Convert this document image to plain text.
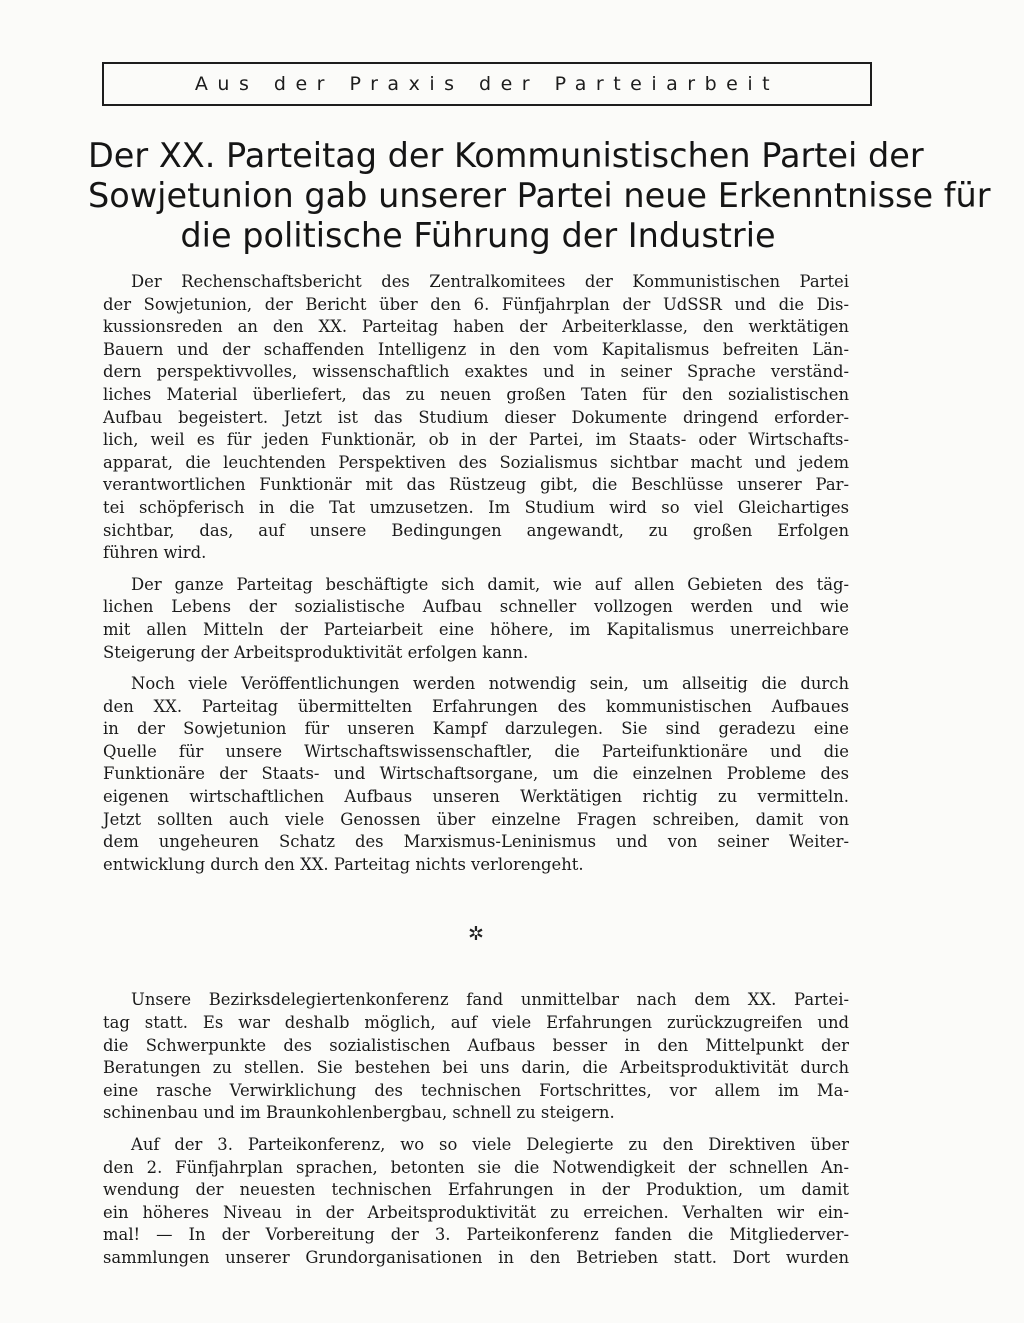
Aus der Praxis der Parteiarbeit
Der XX. Parteitag der Kommunistischen Partei der
Sowjetunion gab unserer Partei neue Erkenntnisse für
die politische Führung der Industrie
Der Rechenschaftsbericht des Zentralkomitees der Kommunistischen Partei
der Sowjetunion, der Bericht über den 6. Fünfjahrplan der UdSSR und die Dis-
kussionsreden an den XX. Parteitag haben der Arbeiterklasse, den werktätigen
Bauern und der schaffenden Intelligenz in den vom Kapitalismus befreiten Län-
dern perspektivvolles, wissenschaftlich exaktes und in seiner Sprache verständ-
liches Material überliefert, das zu neuen großen Taten für den sozialistischen
Aufbau begeistert. Jetzt ist das Studium dieser Dokumente dringend erforder-
lich, weil es für jeden Funktionär, ob in der Partei, im Staats- oder Wirtschafts-
apparat, die leuchtenden Perspektiven des Sozialismus sichtbar macht und jedem
verantwortlichen Funktionär mit das Rüstzeug gibt, die Beschlüsse unserer Par-
tei schöpferisch in die Tat umzusetzen. Im Studium wird so viel Gleichartiges
sichtbar, das, auf unsere Bedingungen angewandt, zu großen Erfolgen
führen wird.
Der ganze Parteitag beschäftigte sich damit, wie auf allen Gebieten des täg-
lichen Lebens der sozialistische Aufbau schneller vollzogen werden und wie
mit allen Mitteln der Parteiarbeit eine höhere, im Kapitalismus unerreichbare
Steigerung der Arbeitsproduktivität erfolgen kann.
Noch viele Veröffentlichungen werden notwendig sein, um allseitig die durch
den XX. Parteitag übermittelten Erfahrungen des kommunistischen Aufbaues
in der Sowjetunion für unseren Kampf darzulegen. Sie sind geradezu eine
Quelle für unsere Wirtschaftswissenschaftler, die Parteifunktionäre und die
Funktionäre der Staats- und Wirtschaftsorgane, um die einzelnen Probleme des
eigenen wirtschaftlichen Aufbaus unseren Werktätigen richtig zu vermitteln.
Jetzt sollten auch viele Genossen über einzelne Fragen schreiben, damit von
dem ungeheuren Schatz des Marxismus-Leninismus und von seiner Weiter-
entwicklung durch den XX. Parteitag nichts verlorengeht.
✲
Unsere Bezirksdelegiertenkonferenz fand unmittelbar nach dem XX. Partei-
tag statt. Es war deshalb möglich, auf viele Erfahrungen zurückzugreifen und
die Schwerpunkte des sozialistischen Aufbaus besser in den Mittelpunkt der
Beratungen zu stellen. Sie bestehen bei uns darin, die Arbeitsproduktivität durch
eine rasche Verwirklichung des technischen Fortschrittes, vor allem im Ma-
schinenbau und im Braunkohlenbergbau, schnell zu steigern.
Auf der 3. Parteikonferenz, wo so viele Delegierte zu den Direktiven über
den 2. Fünfjahrplan sprachen, betonten sie die Notwendigkeit der schnellen An-
wendung der neuesten technischen Erfahrungen in der Produktion, um damit
ein höheres Niveau in der Arbeitsproduktivität zu erreichen. Verhalten wir ein-
mal! — In der Vorbereitung der 3. Parteikonferenz fanden die Mitgliederver-
sammlungen unserer Grundorganisationen in den Betrieben statt. Dort wurden
